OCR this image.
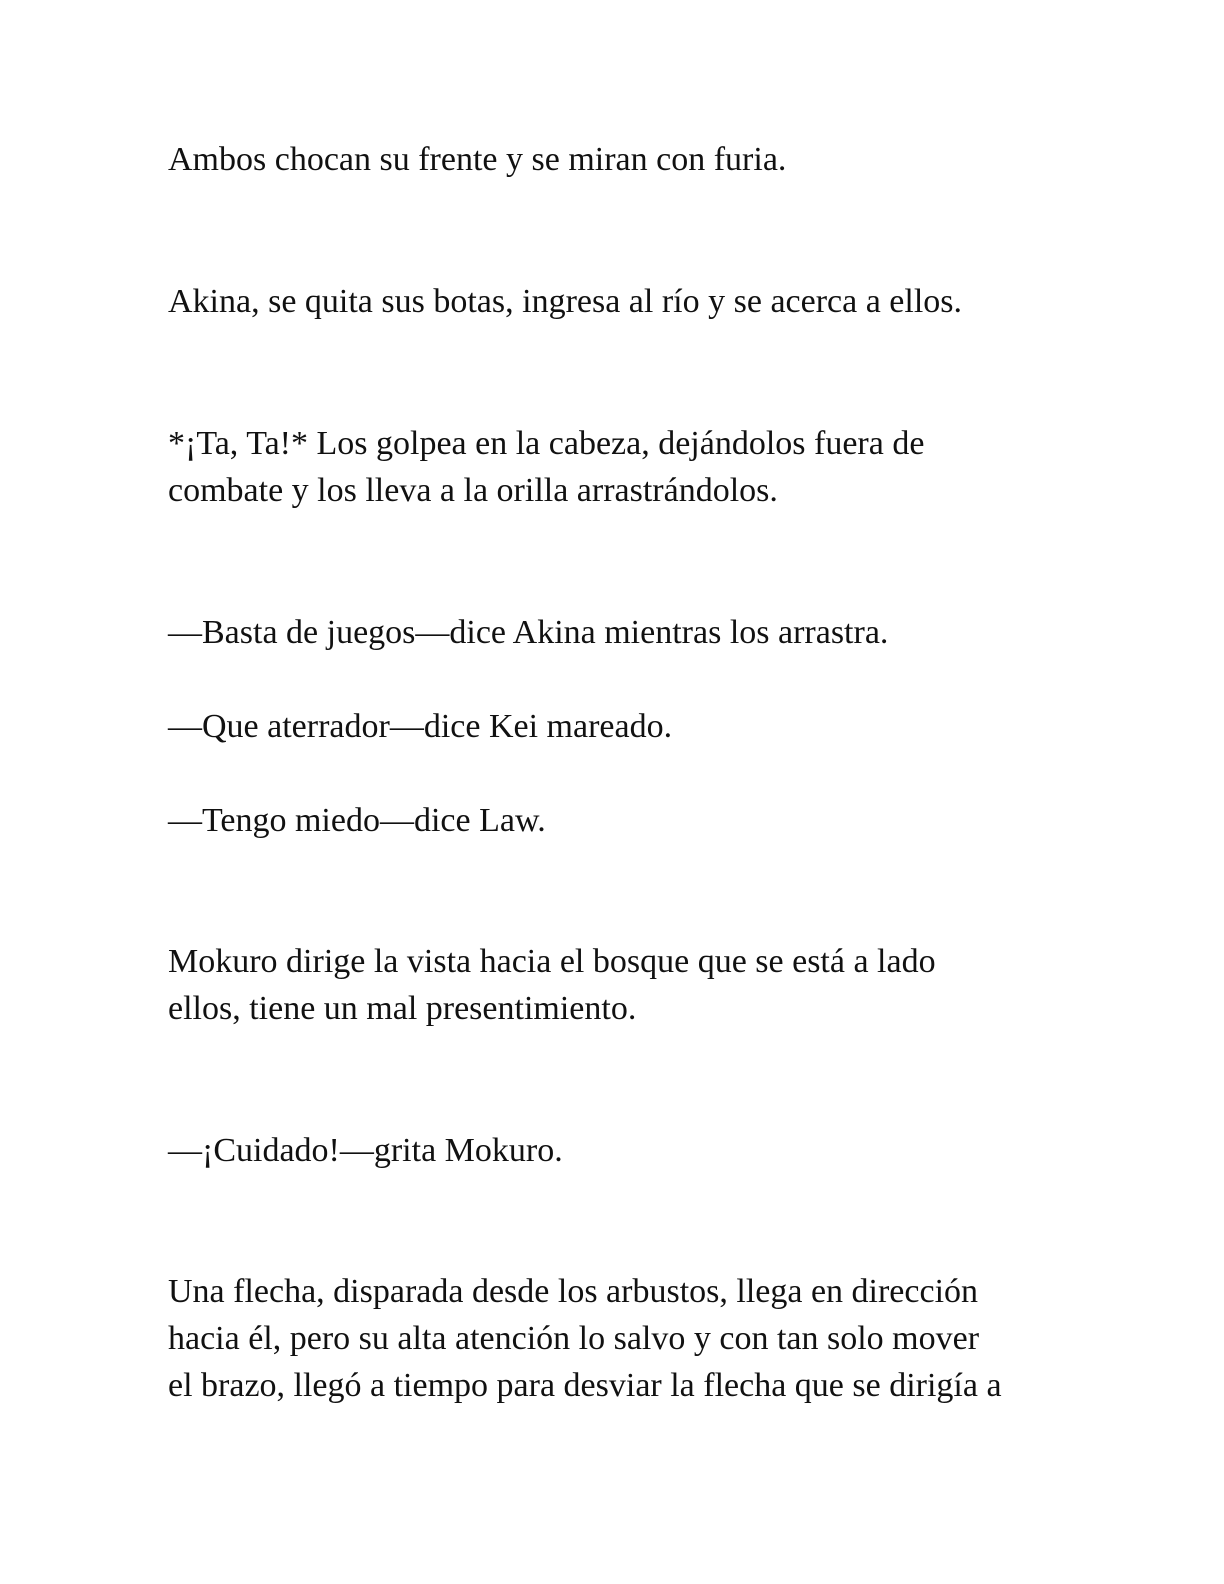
Ambos chocan su frente y se miran con furia.

Akina, se quita sus botas, ingresa al río y se acerca a ellos.

*¡Ta, Ta!* Los golpea en la cabeza, dejándolos fuera de

combate y los lleva a la orilla arrastrándolos.

—Basta de juegos—dice Akina mientras los arrastra.

—Que aterrador—dice Kei mareado.

—Tengo miedo—dice Law.

Mokuro dirige la vista hacia el bosque que se está a lado

ellos, tiene un mal presentimiento.

—¡Cuidado!—grita Mokuro.

Una flecha, disparada desde los arbustos, llega en dirección

hacia él, pero su alta atención lo salvo y con tan solo mover

el brazo, llegó a tiempo para desviar la flecha que se dirigía a
